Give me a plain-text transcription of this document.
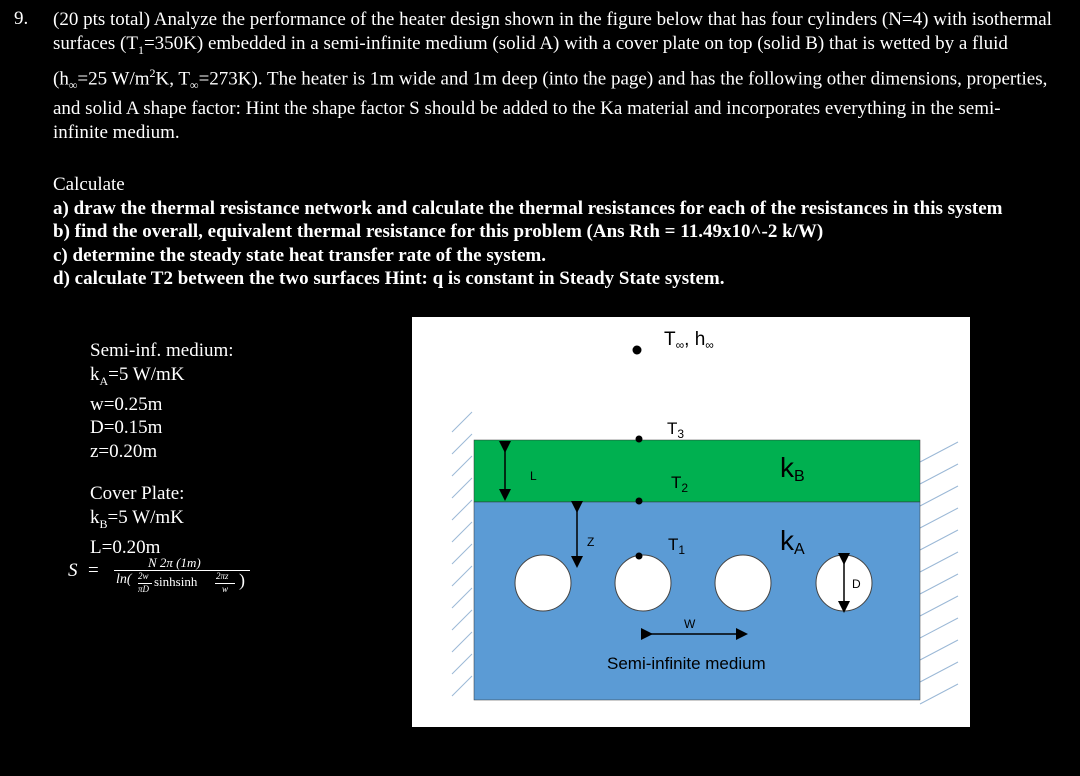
9. (20 pts total) Analyze the performance of the heater design shown in the figure below that has four cylinders (N=4) with isothermal surfaces $(T_1=350K)$ embedded in a semi-infinite medium (solid A) with a cover plate on top (solid B) that is wetted by a fluid ($h_\infty=25$ $W/m^2K$, $T_\infty=273K$). The heater is 1m wide and 1m deep (into the page) and has the following other dimensions, properties, and solid A shape factor: Hint the shape factor S should be added to the Ka material and incorporates everything in the semi-infinite medium.
Calculate
a) draw the thermal resistance network and calculate the thermal resistances for each of the resistances in this system
b) find the overall, equivalent thermal resistance for this problem (Ans Rth = 11.49x10^-2 k/W)
c) determine the steady state heat transfer rate of the system.
d) calculate T2 between the two surfaces Hint: q is constant in Steady State system.
Semi-inf. medium:
$k_A=5$ W/mK
w=0.25m
D=0.15m
z=0.20m
Cover Plate:
$k_B=5$ W/mK
L=0.20m
S =	N 2π (1m)
ln( 2w
πD sinhsinh 2πz
w )
$T_\infty$, $h_\infty$
$T_3$
$T_2$
$T_1$
kB
kA
L
Z
W
D
Semi-infinite medium
